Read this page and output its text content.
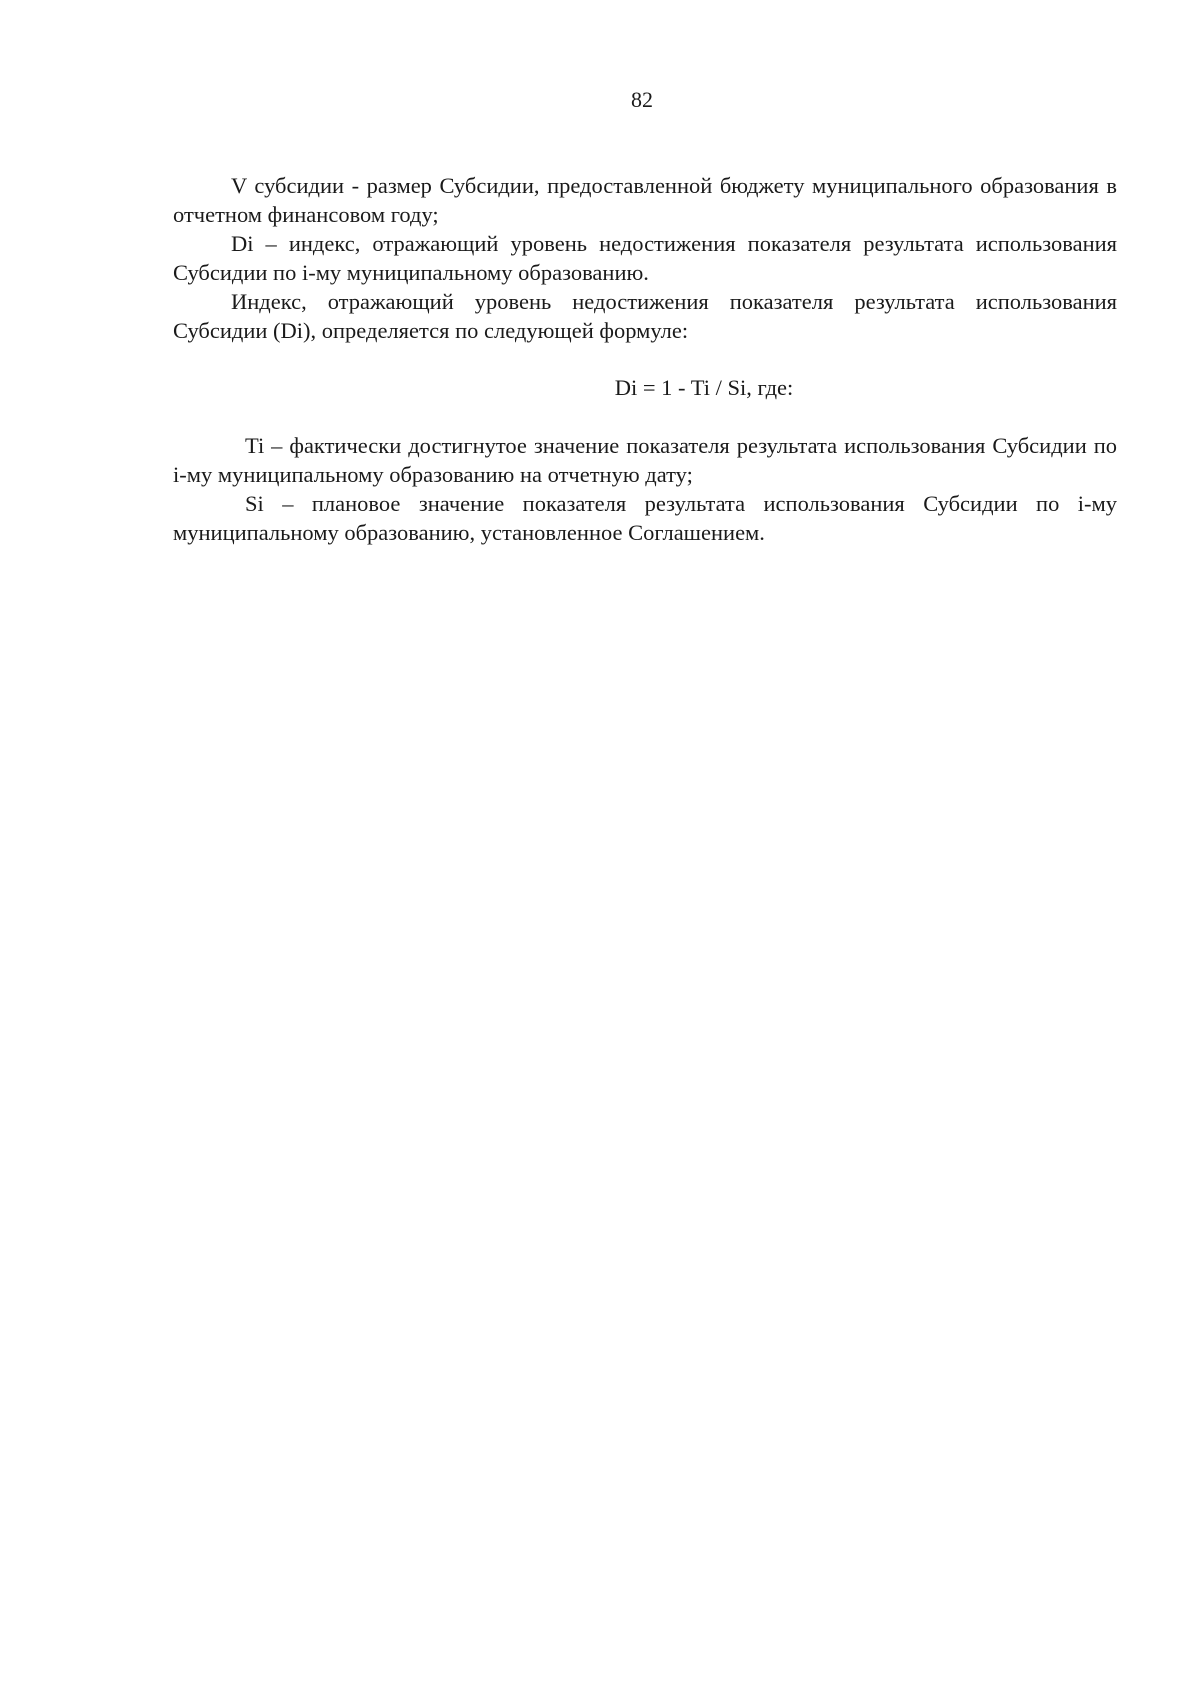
82

V субсидии - размер Субсидии, предоставленной бюджету муниципального образования в отчетном финансовом году;

Di – индекс, отражающий уровень недостижения показателя результата использования Субсидии по i-му муниципальному образованию.

Индекс, отражающий уровень недостижения показателя результата использования Субсидии (Di), определяется по следующей формуле:

Di = 1 - Ti / Si, где:

Ti – фактически достигнутое значение показателя результата использования Субсидии по i-му муниципальному образованию на отчетную дату;

Si – плановое значение показателя результата использования Субсидии по i-му муниципальному образованию, установленное Соглашением.
